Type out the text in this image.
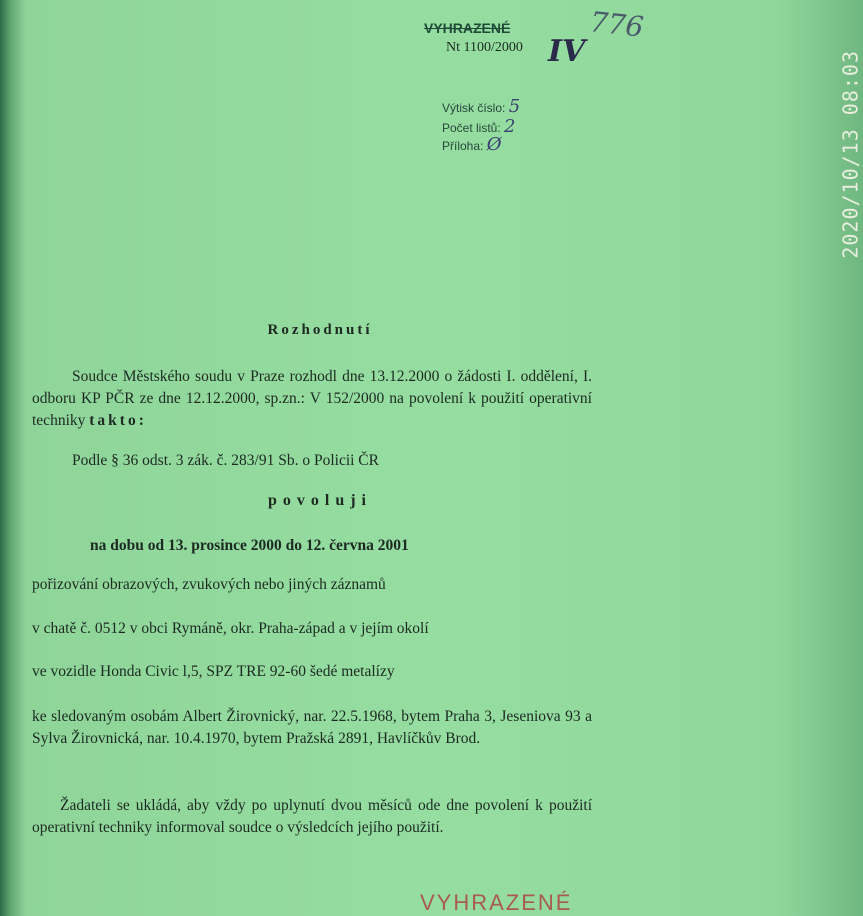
VYHRAZENÉ
Nt 1100/2000 IV
776
Výtisk číslo: 5
Počet listů: 2
Příloha: Ø	2020/10/13 08:03
Rozhodnutí
Soudce Městského soudu v Praze rozhodl dne 13.12.2000 o žádosti I. oddělení, I. odboru KP PČR ze dne 12.12.2000, sp.zn.: V 152/2000 na povolení k použití operativní techniky takto:
Podle § 36 odst. 3 zák. č. 283/91 Sb. o Policii ČR
povoluji
na dobu od 13. prosince 2000 do 12. června 2001
pořizování obrazových, zvukových nebo jiných záznamů
v chatě č. 0512 v obci Rymáně, okr. Praha-západ a v jejím okolí
ve vozidle Honda Civic l,5, SPZ TRE 92-60 šedé metalízy
ke sledovaným osobám Albert Žirovnický, nar. 22.5.1968, bytem Praha 3, Jeseniova 93 a Sylva Žirovnická, nar. 10.4.1970, bytem Pražská 2891, Havlíčkův Brod.
Žadateli se ukládá, aby vždy po uplynutí dvou měsíců ode dne povolení k použití operativní techniky informoval soudce o výsledcích jejího použití.
VYHRAZENÉ
